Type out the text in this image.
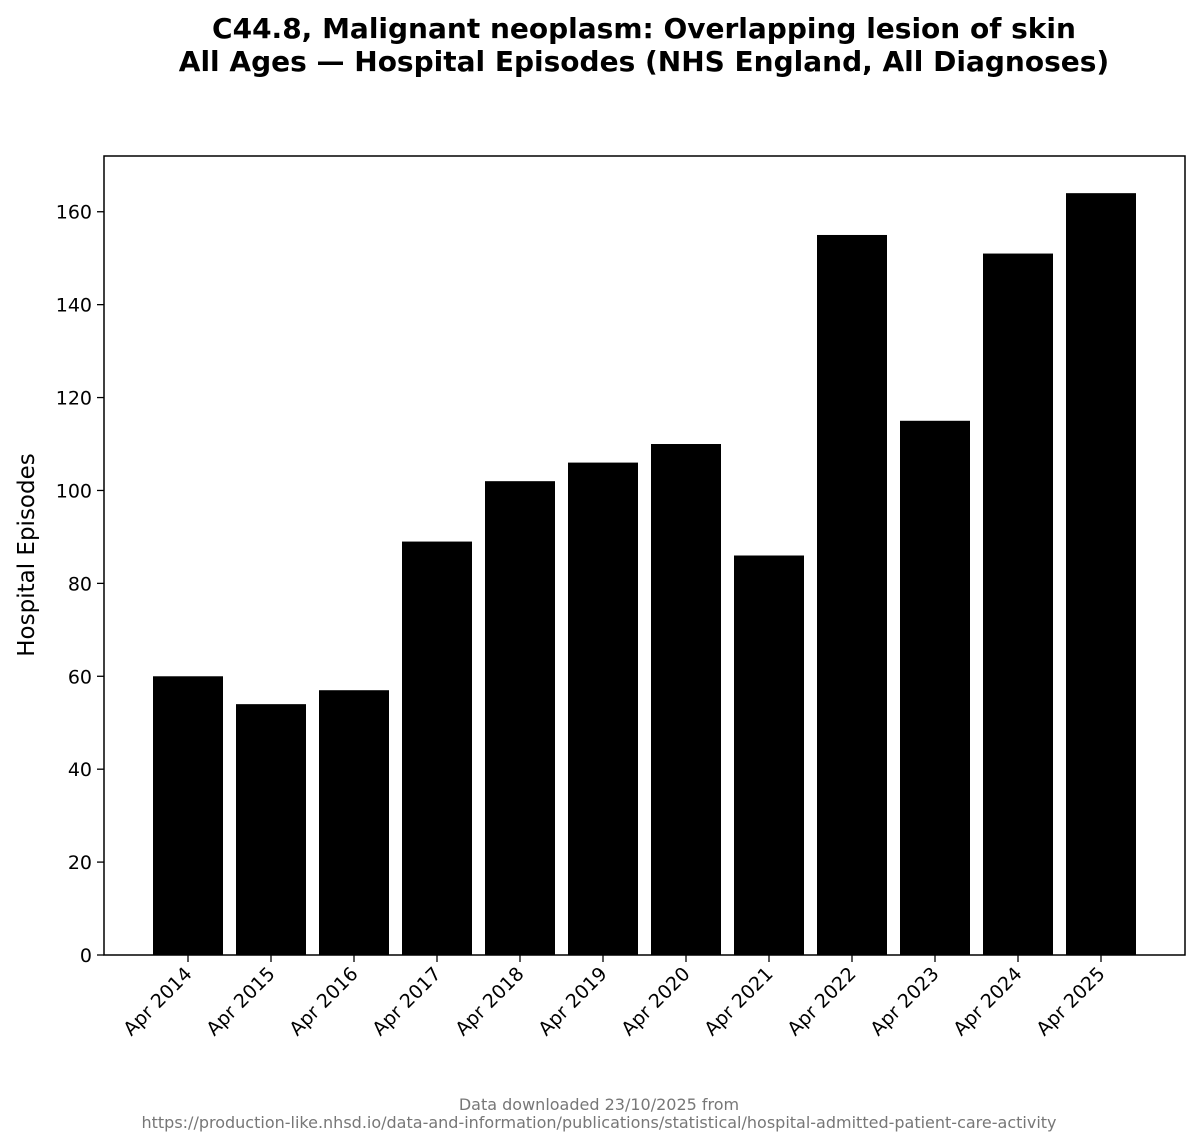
C44.8, Malignant neoplasm: Overlapping lesion of skin
All Ages — Hospital Episodes (NHS England, All Diagnoses)
0
20
40
60
80
100
120
140
160
Apr 2014 Apr 2015 Apr 2016 Apr 2017 Apr 2018 Apr 2019 Apr 2020 Apr 2021 Apr 2022 Apr 2023 Apr 2024 Apr 2025
Hospital Episodes
Data downloaded 23/10/2025 from
https://production-like.nhsd.io/data-and-information/publications/statistical/hospital-admitted-patient-care-activity
